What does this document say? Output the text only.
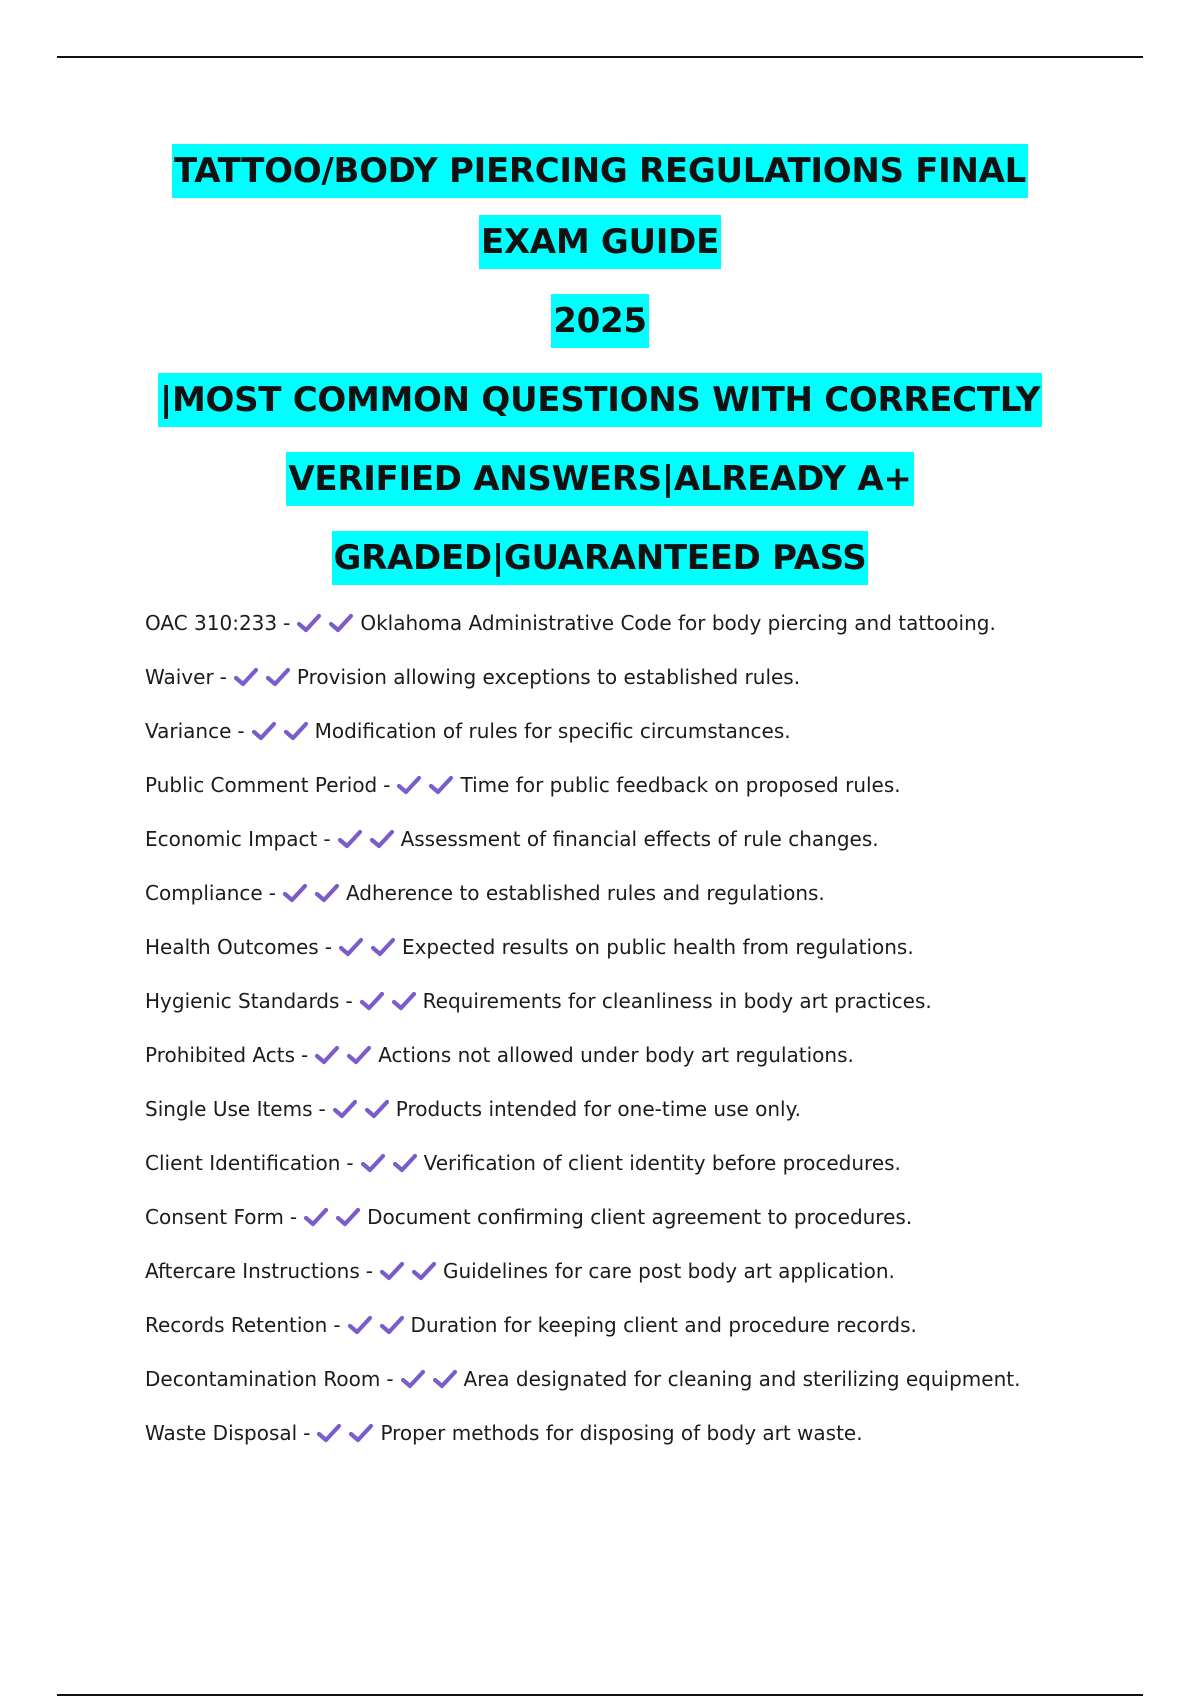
TATTOO/BODY PIERCING REGULATIONS FINAL
EXAM GUIDE
2025
|MOST COMMON QUESTIONS WITH CORRECTLY
VERIFIED ANSWERS|ALREADY A+
GRADED|GUARANTEED PASS
OAC 310:233 -	Oklahoma Administrative Code for body piercing and tattooing.
Waiver -	Provision allowing exceptions to established rules.
Variance -	Modification of rules for specific circumstances.
Public Comment Period -	Time for public feedback on proposed rules.
Economic Impact -	Assessment of financial effects of rule changes.
Compliance -	Adherence to established rules and regulations.
Health Outcomes -	Expected results on public health from regulations.
Hygienic Standards -	Requirements for cleanliness in body art practices.
Prohibited Acts -	Actions not allowed under body art regulations.
Single Use Items -	Products intended for one-time use only.
Client Identification -	Verification of client identity before procedures.
Consent Form -	Document confirming client agreement to procedures.
Aftercare Instructions -	Guidelines for care post body art application.
Records Retention -	Duration for keeping client and procedure records.
Decontamination Room -	Area designated for cleaning and sterilizing equipment.
Waste Disposal -	Proper methods for disposing of body art waste.
